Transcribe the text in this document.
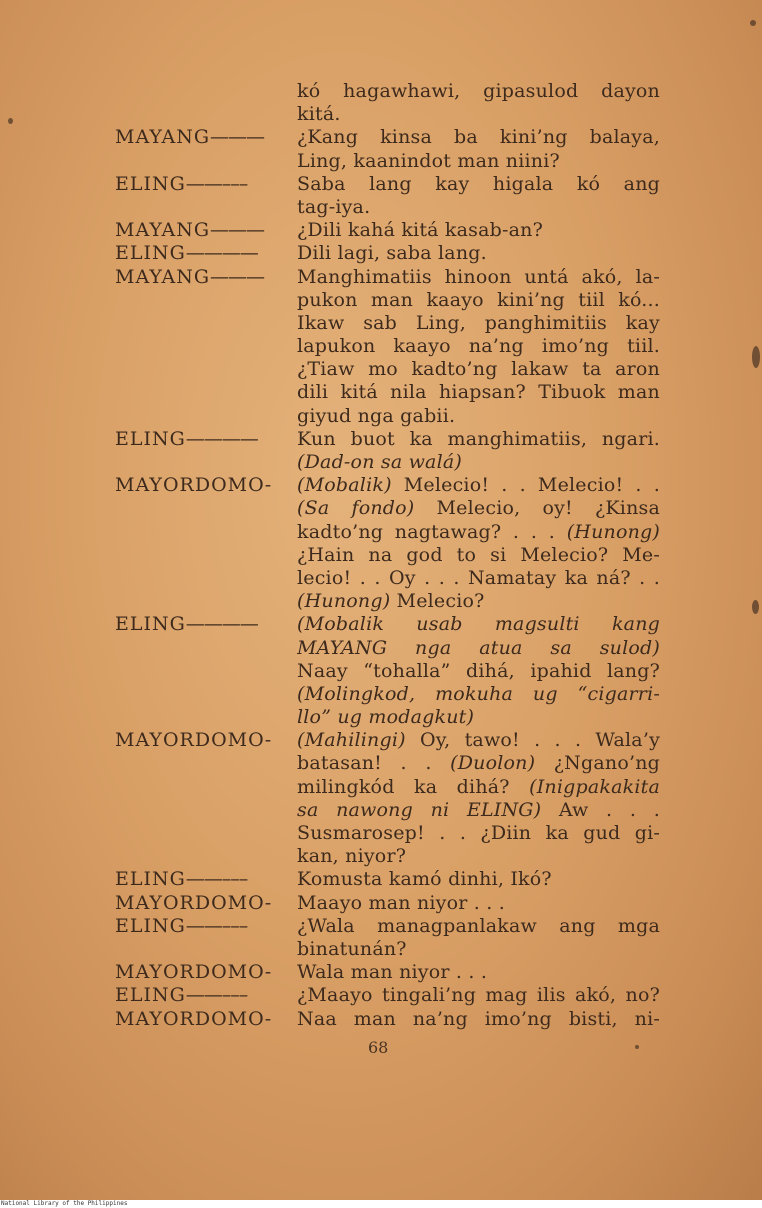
kó hagawhawi, gipasulod dayon
kitá.
MAYANG———	¿Kang kinsa ba kini’ng balaya,
Ling, kaanindot man niini?
ELING——–––	Saba lang kay higala kó ang
tag-iya.
MAYANG———	¿Dili kahá kitá kasab-an?
ELING————	Dili lagi, saba lang.
MAYANG———	Manghimatiis hinoon untá akó, la-
pukon man kaayo kini’ng tiil kó...
Ikaw sab Ling, panghimitiis kay
lapukon kaayo na’ng imo’ng tiil.
¿Tiaw mo kadto’ng lakaw ta aron
dili kitá nila hiapsan? Tibuok man
giyud nga gabii.
ELING————	Kun buot ka manghimatiis, ngari.
(Dad-on sa walá)
MAYORDOMO-	(Mobalik) Melecio! . . Melecio! . .
(Sa fondo) Melecio, oy! ¿Kinsa
kadto’ng nagtawag? . . . (Hunong)
¿Hain na god to si Melecio? Me-
lecio! . . Oy . . . Namatay ka ná? . .
(Hunong) Melecio?
ELING————	(Mobalik usab magsulti kang
MAYANG nga atua sa sulod)
Naay “tohalla” dihá, ipahid lang?
(Molingkod, mokuha ug “cigarri-
llo” ug modagkut)
MAYORDOMO-	(Mahilingi) Oy, tawo! . . . Wala’y
batasan! . . (Duolon) ¿Ngano’ng
milingkód ka dihá? (Inigpakakita
sa nawong ni ELING) Aw . . .
Susmarosep! . . ¿Diin ka gud gi-
kan, niyor?
ELING——–––	Komusta kamó dinhi, Ikó?
MAYORDOMO-	Maayo man niyor . . .
ELING——–––	¿Wala managpanlakaw ang mga
binatunán?
MAYORDOMO-	Wala man niyor . . .
ELING——–––	¿Maayo tingali’ng mag ilis akó, no?
MAYORDOMO-	Naa man na’ng imo’ng bisti, ni-
68
National Library of the Philippines
